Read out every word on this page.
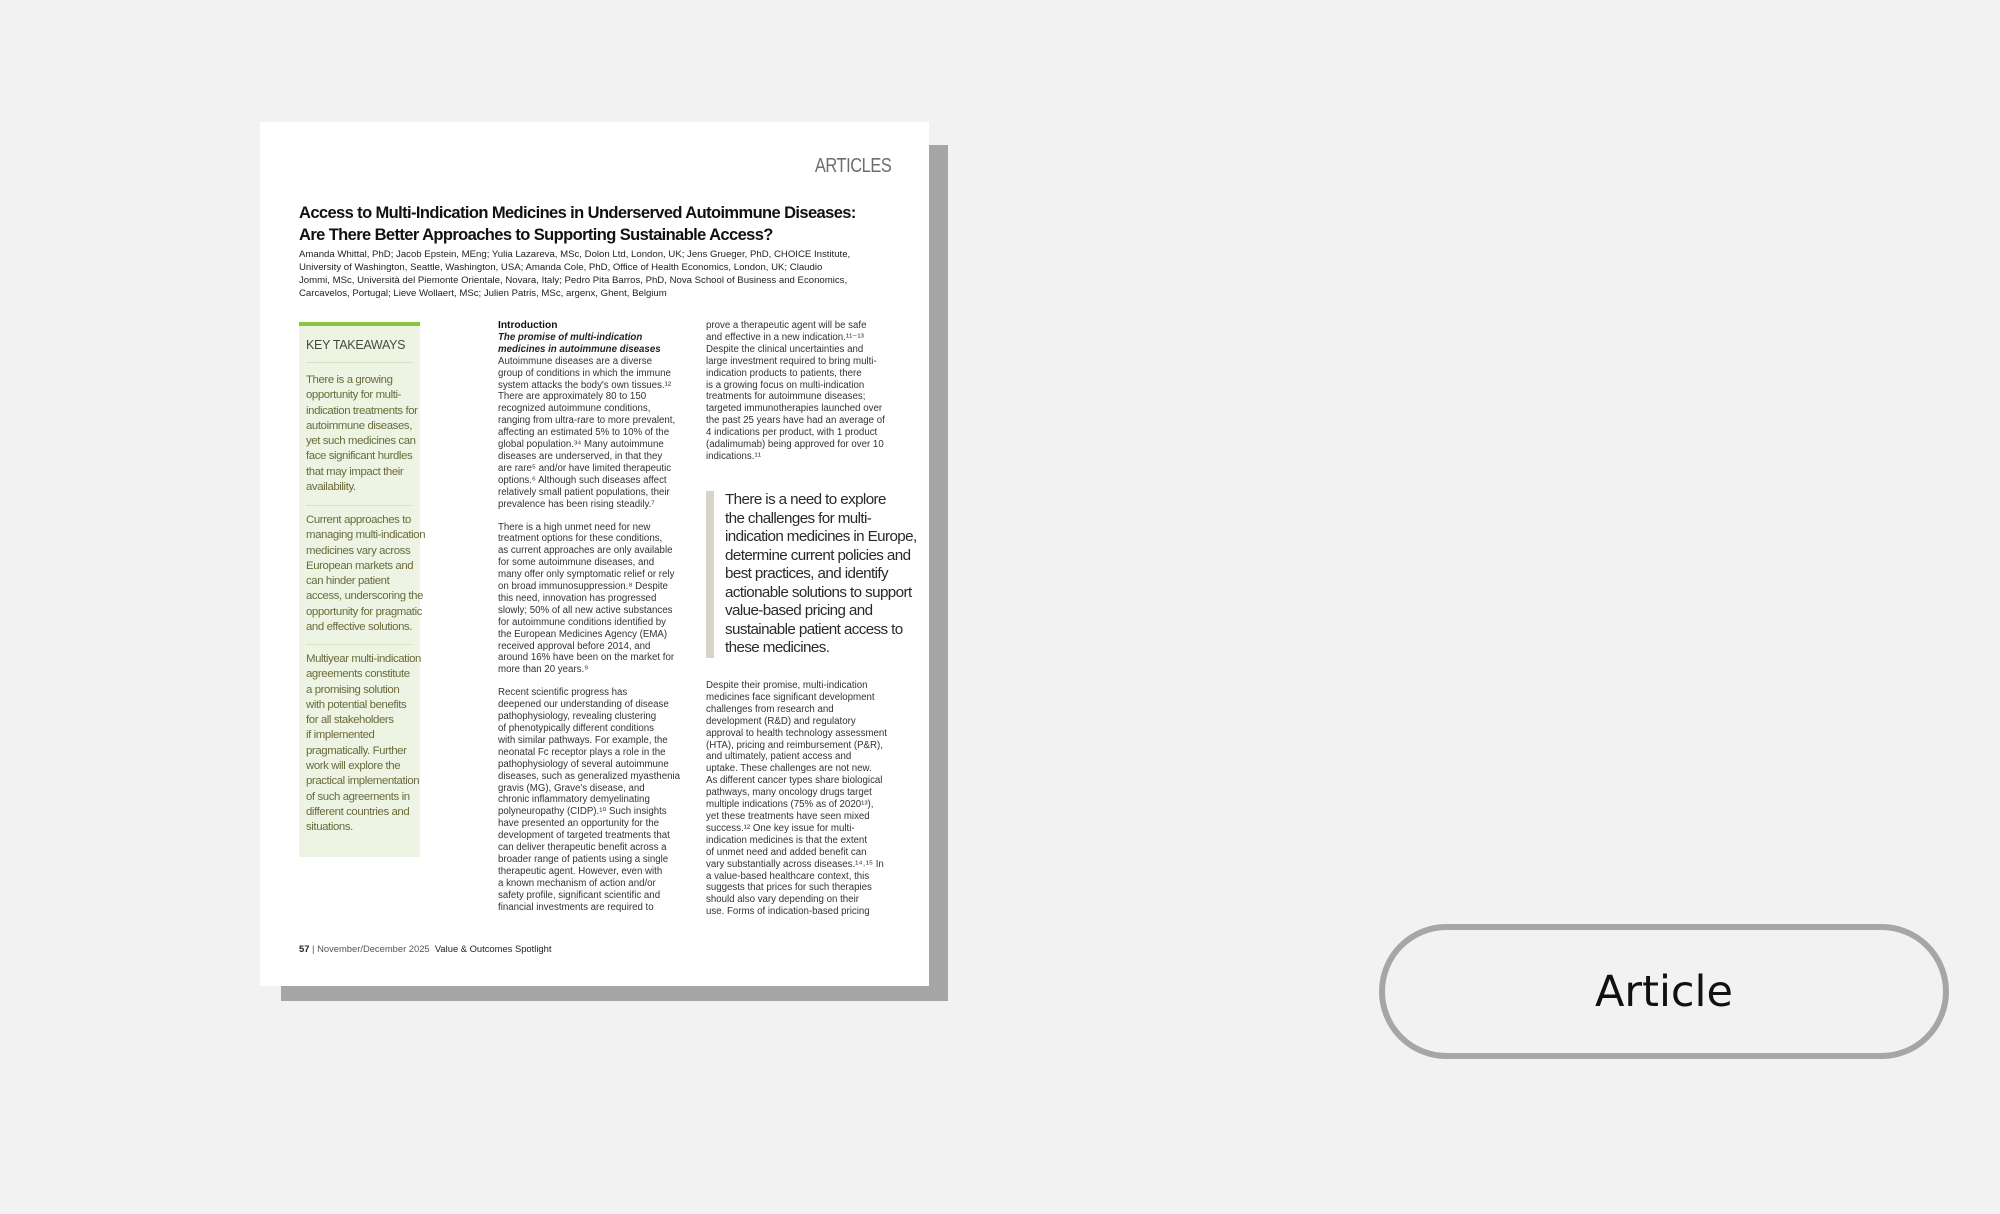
ARTICLES
Access to Multi-Indication Medicines in Underserved Autoimmune Diseases:
Are There Better Approaches to Supporting Sustainable Access?
Amanda Whittal, PhD; Jacob Epstein, MEng; Yulia Lazareva, MSc, Dolon Ltd, London, UK; Jens Grueger, PhD, CHOICE Institute,
University of Washington, Seattle, Washington, USA; Amanda Cole, PhD, Office of Health Economics, London, UK; Claudio
Jommi, MSc, Università del Piemonte Orientale, Novara, Italy; Pedro Pita Barros, PhD, Nova School of Business and Economics,
Carcavelos, Portugal; Lieve Wollaert, MSc; Julien Patris, MSc, argenx, Ghent, Belgium
KEY TAKEAWAYS
There is a growing
opportunity for multi-
indication treatments for
autoimmune diseases,
yet such medicines can
face significant hurdles
that may impact their
availability.
Current approaches to
managing multi-indication
medicines vary across
European markets and
can hinder patient
access, underscoring the
opportunity for pragmatic
and effective solutions.
Multiyear multi-indication
agreements constitute
a promising solution
with potential benefits
for all stakeholders
if implemented
pragmatically. Further
work will explore the
practical implementation
of such agreements in
different countries and
situations.
Introduction
The promise of multi-indication
medicines in autoimmune diseases
Autoimmune diseases are a diverse
group of conditions in which the immune
system attacks the body's own tissues.¹²
There are approximately 80 to 150
recognized autoimmune conditions,
ranging from ultra-rare to more prevalent,
affecting an estimated 5% to 10% of the
global population.³⁴ Many autoimmune
diseases are underserved, in that they
are rare⁵ and/or have limited therapeutic
options.⁶ Although such diseases affect
relatively small patient populations, their
prevalence has been rising steadily.⁷
There is a high unmet need for new
treatment options for these conditions,
as current approaches are only available
for some autoimmune diseases, and
many offer only symptomatic relief or rely
on broad immunosuppression.⁸ Despite
this need, innovation has progressed
slowly; 50% of all new active substances
for autoimmune conditions identified by
the European Medicines Agency (EMA)
received approval before 2014, and
around 16% have been on the market for
more than 20 years.⁹
Recent scientific progress has
deepened our understanding of disease
pathophysiology, revealing clustering
of phenotypically different conditions
with similar pathways. For example, the
neonatal Fc receptor plays a role in the
pathophysiology of several autoimmune
diseases, such as generalized myasthenia
gravis (MG), Grave's disease, and
chronic inflammatory demyelinating
polyneuropathy (CIDP).¹⁰ Such insights
have presented an opportunity for the
development of targeted treatments that
can deliver therapeutic benefit across a
broader range of patients using a single
therapeutic agent. However, even with
a known mechanism of action and/or
safety profile, significant scientific and
financial investments are required to
prove a therapeutic agent will be safe
and effective in a new indication.¹¹⁻¹³
Despite the clinical uncertainties and
large investment required to bring multi-
indication products to patients, there
is a growing focus on multi-indication
treatments for autoimmune diseases;
targeted immunotherapies launched over
the past 25 years have had an average of
4 indications per product, with 1 product
(adalimumab) being approved for over 10
indications.¹¹
There is a need to explore
the challenges for multi-
indication medicines in Europe,
determine current policies and
best practices, and identify
actionable solutions to support
value-based pricing and
sustainable patient access to
these medicines.
Despite their promise, multi-indication
medicines face significant development
challenges from research and
development (R&D) and regulatory
approval to health technology assessment
(HTA), pricing and reimbursement (P&R),
and ultimately, patient access and
uptake. These challenges are not new.
As different cancer types share biological
pathways, many oncology drugs target
multiple indications (75% as of 2020¹³),
yet these treatments have seen mixed
success.¹² One key issue for multi-
indication medicines is that the extent
of unmet need and added benefit can
vary substantially across diseases.¹⁴˒¹⁵ In
a value-based healthcare context, this
suggests that prices for such therapies
should also vary depending on their
use. Forms of indication-based pricing
57 | November/December 2025 Value & Outcomes Spotlight
Article
